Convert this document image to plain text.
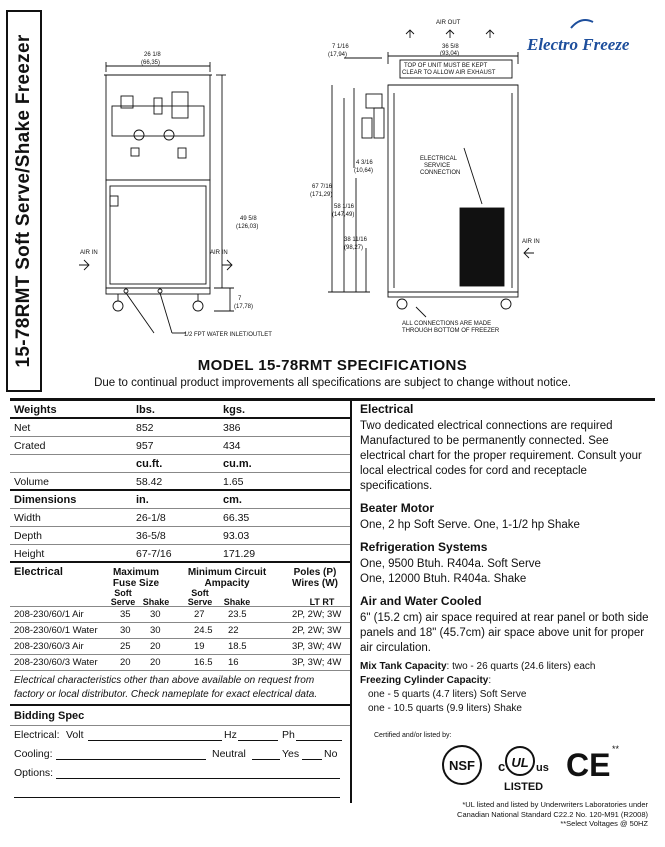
15-78RMT Soft Serve/Shake Freezer	26 1/8
(66,35)
AIR IN	AIR IN
49 5/8
(126,03)
7
(17,78)
1/2 FPT WATER INLET/OUTLET
AIR OUT
7 1/16
(17,94)
36 5/8
(93,04)
TOP OF UNIT MUST BE KEPT
CLEAR TO ALLOW AIR EXHAUST
4 3/16
(10,64)
ELECTRICAL
SERVICE
CONNECTION
67 7/16
(171,29)
58 1/16
(147,49)
38 11/16
(98,27)
AIR IN
ALL CONNECTIONS ARE MADE
THROUGH BOTTOM OF FREEZER
Electro Freeze
MODEL 15-78RMT SPECIFICATIONS
Due to continual product improvements all specifications are subject to change without notice.
Weights	lbs.	kgs.
Net	852	386
Crated	957	434
cu.ft.	cu.m.
Volume	58.42	1.65
Dimensions	in.	cm.
Width	26-1/8	66.35
Depth	36-5/8	93.03
Height	67-7/16	171.29
Electrical	Maximum
Fuse Size
Minimum Circuit
Ampacity
Poles (P)
Wires (W)
Soft
Serve Shake
Soft
Serve	Shake	LT RT
208-230/60/1 Air	35 30	27 23.5	2P, 2W; 3W
208-230/60/1 Water 30 30	24.5 22	2P, 2W; 3W
208-230/60/3 Air	25 20	19 18.5	3P, 3W; 4W
208-230/60/3 Water 20 20	16.5 16	3P, 3W; 4W
Electrical characteristics other than above available on request from factory or local distributor. Check nameplate for exact electrical data.
Bidding Spec
Electrical: Volt	Hz	Ph
Cooling:	Neutral	Yes No
Options:
Electrical
Two dedicated electrical connections are required Manufactured to be permanently connected. See electrical chart for the proper requirement. Consult your local electrical codes for cord and receptacle specifications.
Beater Motor
One, 2 hp Soft Serve. One, 1-1/2 hp Shake
Refrigeration Systems
One, 9500 Btuh. R404a. Soft Serve
One, 12000 Btuh. R404a. Shake
Air and Water Cooled
6" (15.2 cm) air space required at rear panel or both side panels and 18" (45.7cm) air space above unit for proper air circulation.
Mix Tank Capacity: two - 26 quarts (24.6 liters) each
Freezing Cylinder Capacity:
one - 5 quarts (4.7 liters) Soft Serve
one - 10.5 quarts (9.9 liters) Shake
Certified and/or listed by:
NSF c UL us
LISTED
CE **
*UL listed and listed by Underwriters Laboratories under
Canadian National Standard C22.2 No. 120-M91 (R2008)
**Select Voltages @ 50HZ
